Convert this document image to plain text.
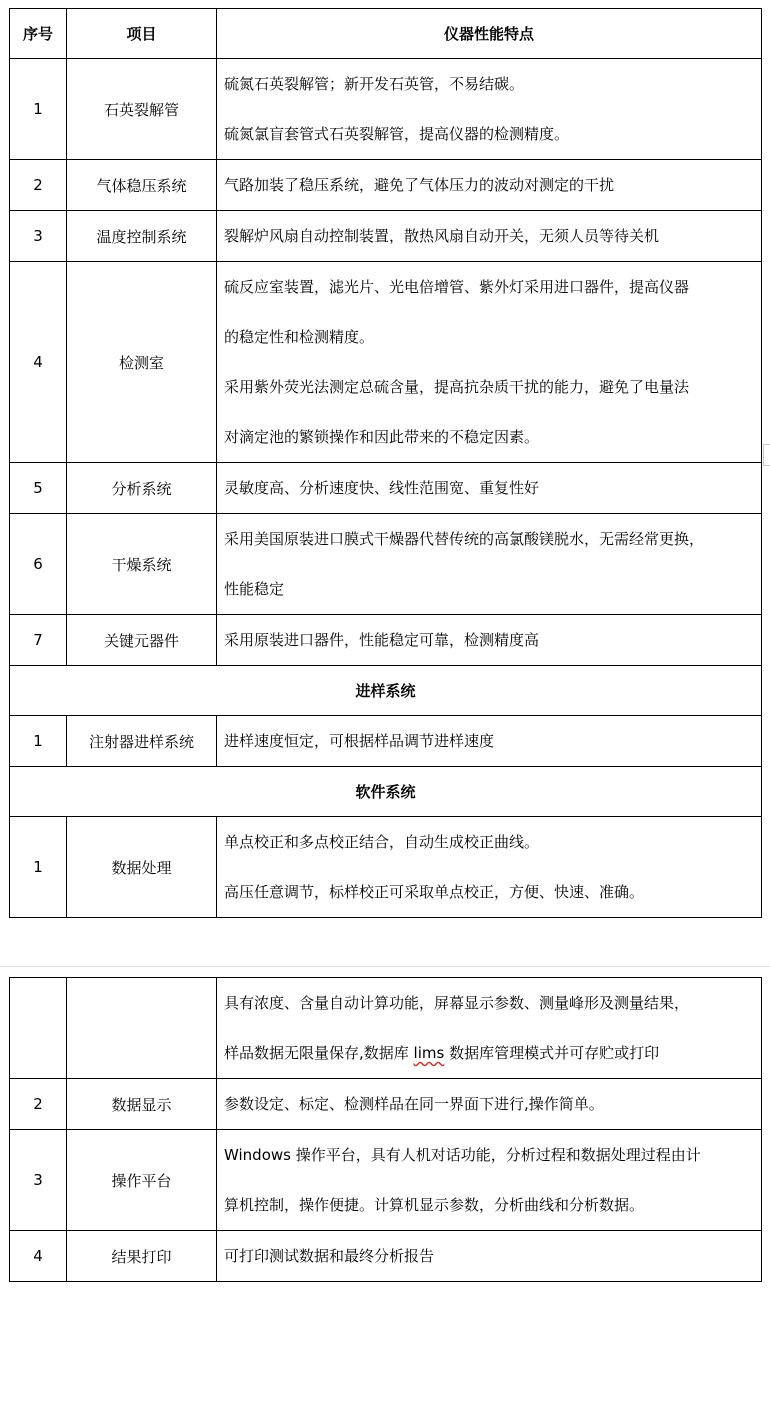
序号	项目	仪器性能特点
1	石英裂解管	硫氮石英裂解管；新开发石英管，不易结碳。
硫氮氯盲套管式石英裂解管，提高仪器的检测精度。

2	气体稳压系统	气路加装了稳压系统，避免了气体压力的波动对测定的干扰

3	温度控制系统	裂解炉风扇自动控制装置，散热风扇自动开关，无须人员等待关机

4	检测室	硫反应室装置，滤光片、光电倍增管、紫外灯采用进口器件，提高仪器
的稳定性和检测精度。
采用紫外荧光法测定总硫含量，提高抗杂质干扰的能力，避免了电量法
对滴定池的繁锁操作和因此带来的不稳定因素。

5	分析系统	灵敏度高、分析速度快、线性范围宽、重复性好

6	干燥系统	采用美国原装进口膜式干燥器代替传统的高氯酸镁脱水，无需经常更换，
性能稳定

7	关键元器件	采用原装进口器件，性能稳定可靠，检测精度高

进样系统		
1	注射器进样系统	进样速度恒定，可根据样品调节进样速度

软件系统		
1	数据处理	单点校正和多点校正结合，自动生成校正曲线。
高压任意调节，标样校正可采取单点校正，方便、快速、准确。

		具有浓度、含量自动计算功能，屏幕显示参数、测量峰形及测量结果，
样品数据无限量保存,数据库 lims 数据库管理模式并可存贮或打印

2	数据显示	参数设定、标定、检测样品在同一界面下进行,操作简单。

3	操作平台	Windows 操作平台，具有人机对话功能，分析过程和数据处理过程由计
算机控制，操作便捷。计算机显示参数，分析曲线和分析数据。

4	结果打印	可打印测试数据和最终分析报告
